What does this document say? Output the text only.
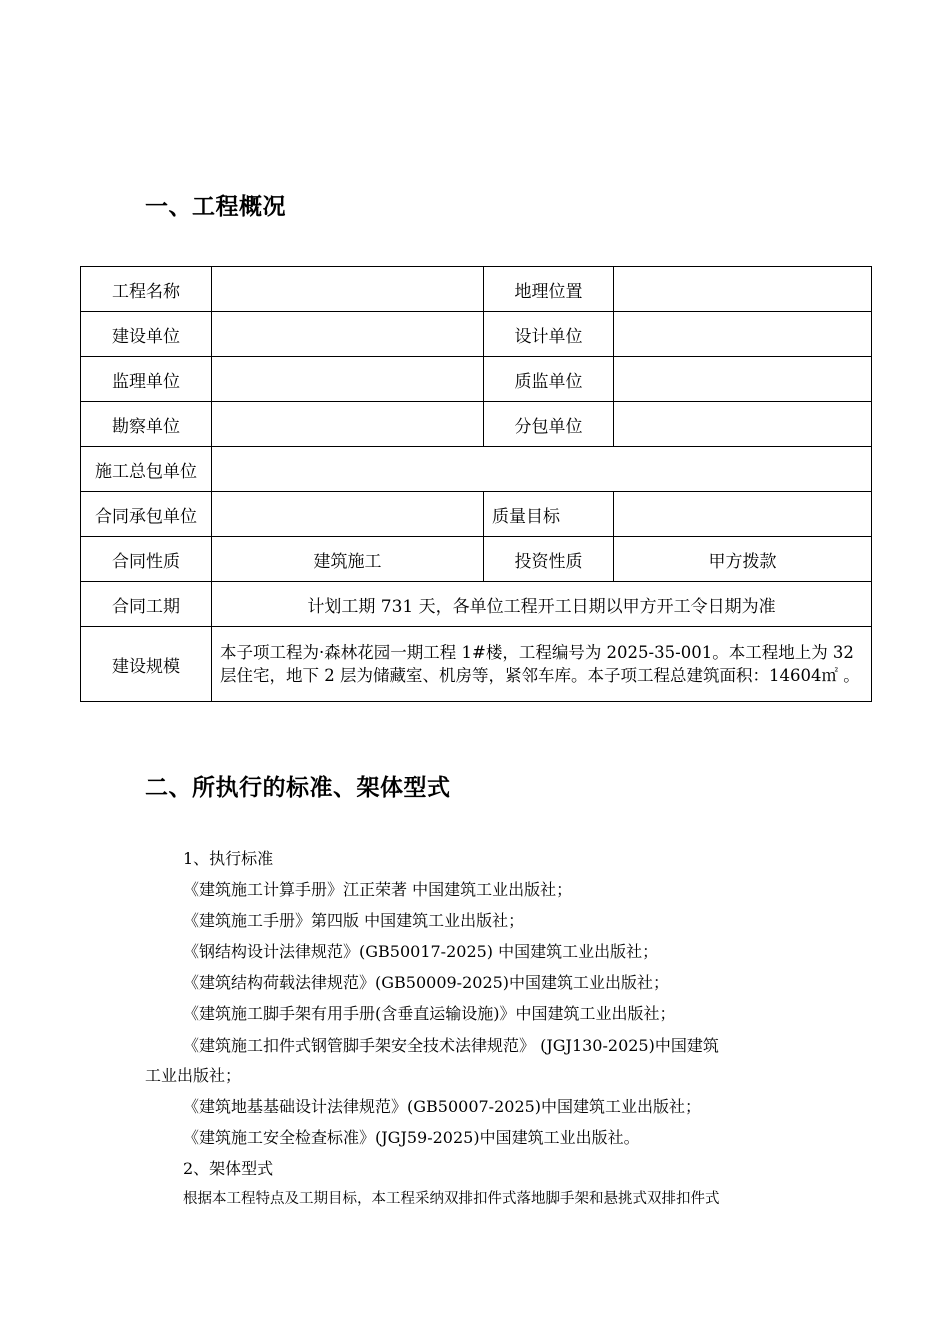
一、工程概况
工程名称		地理位置	
建设单位		设计单位	
监理单位		质监单位	
勘察单位		分包单位	
施工总包单位			
合同承包单位		质量目标	
合同性质	建筑施工	投资性质	甲方拨款
合同工期	计划工期 731 天，各单位工程开工日期以甲方开工令日期为准		
建设规模	本子项工程为·森林花园一期工程 1#楼，工程编号为 2025-35-001。本工程地上为 32 层住宅，地下 2 层为储藏室、机房等，紧邻车库。本子项工程总建筑面积：14604㎡ 。		
二、所执行的标准、架体型式
1、执行标准
《建筑施工计算手册》江正荣著 中国建筑工业出版社；
《建筑施工手册》第四版 中国建筑工业出版社；
《钢结构设计法律规范》(GB50017-2025) 中国建筑工业出版社；
《建筑结构荷载法律规范》(GB50009-2025)中国建筑工业出版社；
《建筑施工脚手架有用手册(含垂直运输设施)》中国建筑工业出版社；
《建筑施工扣件式钢管脚手架安全技术法律规范》 (JGJ130-2025)中国建筑
工业出版社；
《建筑地基基础设计法律规范》(GB50007-2025)中国建筑工业出版社；
《建筑施工安全检查标准》(JGJ59-2025)中国建筑工业出版社。
2、架体型式
根据本工程特点及工期目标，本工程采纳双排扣件式落地脚手架和悬挑式双排扣件式
